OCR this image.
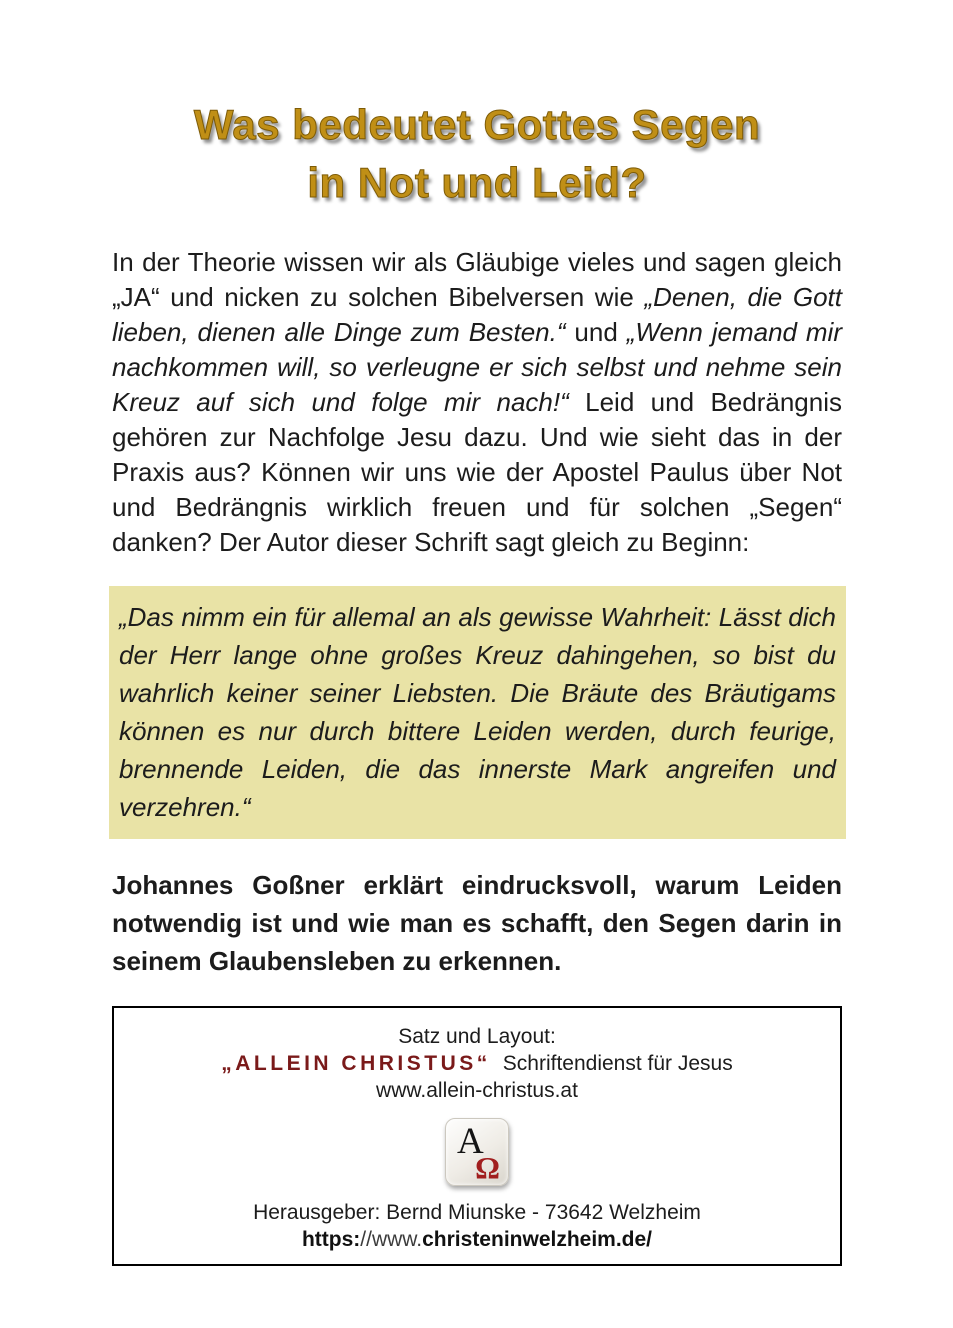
Was bedeutet Gottes Segen
in Not und Leid?

In der Theorie wissen wir als Gläubige vieles und sagen gleich „JA“ und nicken zu solchen Bibelversen wie „Denen, die Gott lieben, dienen alle Dinge zum Besten.“ und „Wenn jemand mir nachkommen will, so verleugne er sich selbst und nehme sein Kreuz auf sich und folge mir nach!“ Leid und Bedrängnis gehören zur Nachfolge Jesu dazu. Und wie sieht das in der Praxis aus? Können wir uns wie der Apostel Paulus über Not und Bedrängnis wirklich freuen und für solchen „Segen“ danken? Der Autor dieser Schrift sagt gleich zu Beginn:

„Das nimm ein für allemal an als gewisse Wahrheit: Lässt dich der Herr lange ohne großes Kreuz dahingehen, so bist du wahrlich keiner seiner Liebsten. Die Bräute des Bräutigams können es nur durch bittere Leiden werden, durch feurige, brennende Leiden, die das innerste Mark angreifen und verzehren.“

Johannes Goßner erklärt eindrucksvoll, warum Leiden notwendig ist und wie man es schafft, den Segen darin in seinem Glaubensleben zu erkennen.

Satz und Layout:
„ALLEIN CHRISTUS“ Schriftendienst für Jesus
www.allein-christus.at
A
Ω
Herausgeber: Bernd Miunske - 73642 Welzheim
https://www.christeninwelzheim.de/
